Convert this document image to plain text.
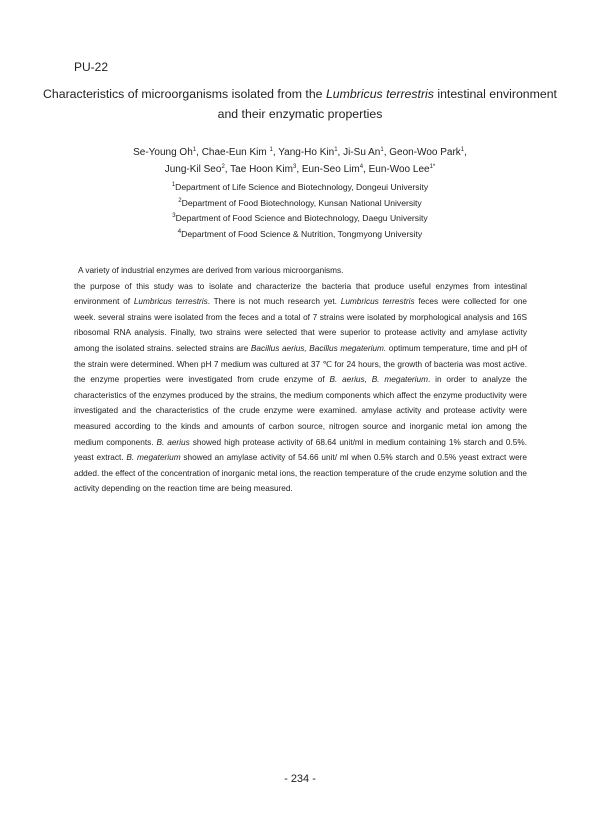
PU-22
Characteristics of microorganisms isolated from the Lumbricus terrestris intestinal environment and their enzymatic properties
Se-Young Oh$^1$, Chae-Eun Kim $^1$, Yang-Ho Kin$^1$, Ji-Su An$^1$, Geon-Woo Park$^1$,
Jung-Kil Seo$^2$, Tae Hoon Kim$^3$, Eun-Seo Lim$^4$, Eun-Woo Lee$^{1*}$
$^1$Department of Life Science and Biotechnology, Dongeui University
$^2$Department of Food Biotechnology, Kunsan National University
$^3$Department of Food Science and Biotechnology, Daegu University
$^4$Department of Food Science & Nutrition, Tongmyong University
A variety of industrial enzymes are derived from various microorganisms.
the purpose of this study was to isolate and characterize the bacteria that produce useful enzymes from intestinal environment of Lumbricus terrestris. There is not much research yet. Lumbricus terrestris feces were collected for one week. several strains were isolated from the feces and a total of 7 strains were isolated by morphological analysis and 16S ribosomal RNA analysis. Finally, two strains were selected that were superior to protease activity and amylase activity among the isolated strains. selected strains are Bacillus aerius, Bacillus megaterium. optimum temperature, time and pH of the strain were determined. When pH 7 medium was cultured at 37 ℃ for 24 hours, the growth of bacteria was most active. the enzyme properties were investigated from crude enzyme of B. aerius, B. megaterium. in order to analyze the characteristics of the enzymes produced by the strains, the medium components which affect the enzyme productivity were investigated and the characteristics of the crude enzyme were examined. amylase activity and protease activity were measured according to the kinds and amounts of carbon source, nitrogen source and inorganic metal ion among the medium components. B. aerius showed high protease activity of 68.64 unit/ml in medium containing 1% starch and 0.5%. yeast extract. B. megaterium showed an amylase activity of 54.66 unit/ ml when 0.5% starch and 0.5% yeast extract were added. the effect of the concentration of inorganic metal ions, the reaction temperature of the crude enzyme solution and the activity depending on the reaction time are being measured.
- 234 -
